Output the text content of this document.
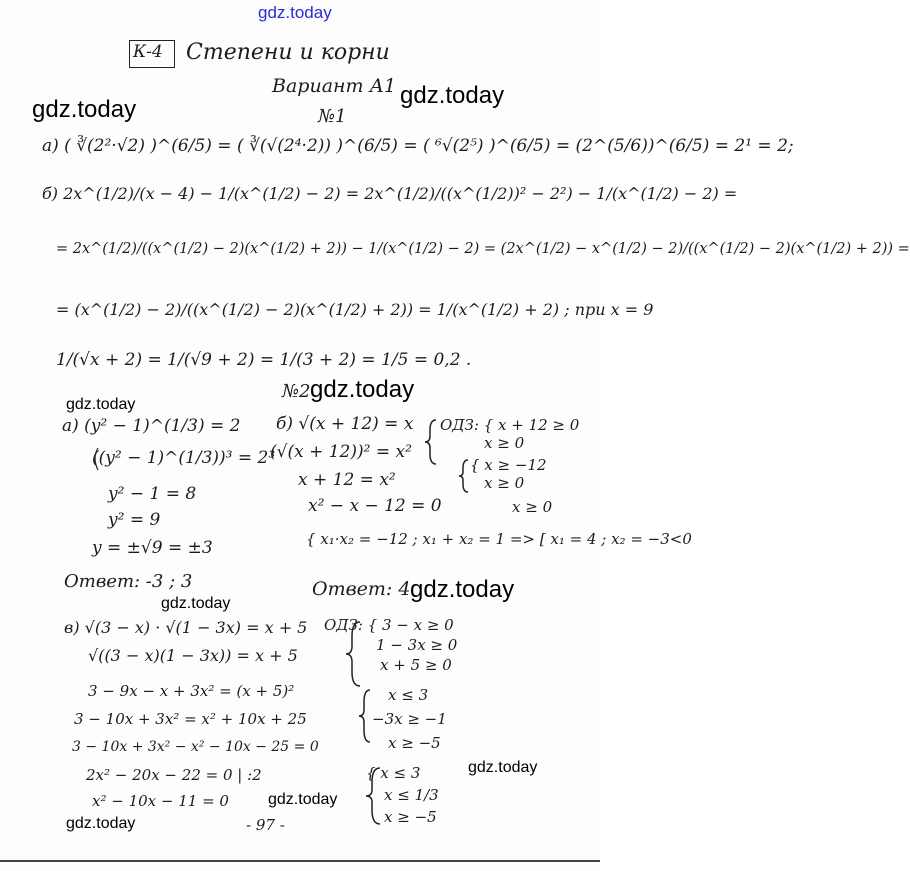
gdz.today
К-4 Степени и корни
Вариант А1
gdz.today
gdz.today
№1
а) ( ∛(2²·√2) )^(6/5) = ( ∛(√(2⁴·2)) )^(6/5) = ( ⁶√(2⁵) )^(6/5) = (2^(5/6))^(6/5) = 2¹ = 2;
б) 2x^(1/2)/(x − 4) − 1/(x^(1/2) − 2) = 2x^(1/2)/((x^(1/2))² − 2²) − 1/(x^(1/2) − 2) =
= 2x^(1/2)/((x^(1/2) − 2)(x^(1/2) + 2)) − 1/(x^(1/2) − 2) = (2x^(1/2) − x^(1/2) − 2)/((x^(1/2) − 2)(x^(1/2) + 2)) =
= (x^(1/2) − 2)/((x^(1/2) − 2)(x^(1/2) + 2)) = 1/(x^(1/2) + 2) ; при x = 9
1/(√x + 2) = 1/(√9 + 2) = 1/(3 + 2) = 1/5 = 0,2 .
gdz.today
№2
gdz.today
а) (y² − 1)^(1/3) = 2
((y² − 1)^(1/3))³ = 2³
y² − 1 = 8
y² = 9
y = ±√9 = ±3
Ответ: -3 ; 3
б) √(x + 12) = x
(√(x + 12))² = x²
x + 12 = x²
x² − x − 12 = 0
{ x₁·x₂ = −12 ; x₁ + x₂ = 1 => [ x₁ = 4 ; x₂ = −3<0
Ответ: 4 gdz.today
ОДЗ: { x + 12 ≥ 0
x ≥ 0
{ x ≥ −12
x ≥ 0
x ≥ 0
gdz.today
в) √(3 − x) · √(1 − 3x) = x + 5
√((3 − x)(1 − 3x)) = x + 5
3 − 9x − x + 3x² = (x + 5)²
3 − 10x + 3x² = x² + 10x + 25
3 − 10x + 3x² − x² − 10x − 25 = 0
2x² − 20x − 22 = 0 | :2
x² − 10x − 11 = 0
ОДЗ: { 3 − x ≥ 0
1 − 3x ≥ 0
x + 5 ≥ 0
x ≤ 3
−3x ≥ −1
x ≥ −5
{ x ≤ 3
x ≤ 1/3
x ≥ −5
gdz.today
gdz.today
gdz.today	- 97 -
